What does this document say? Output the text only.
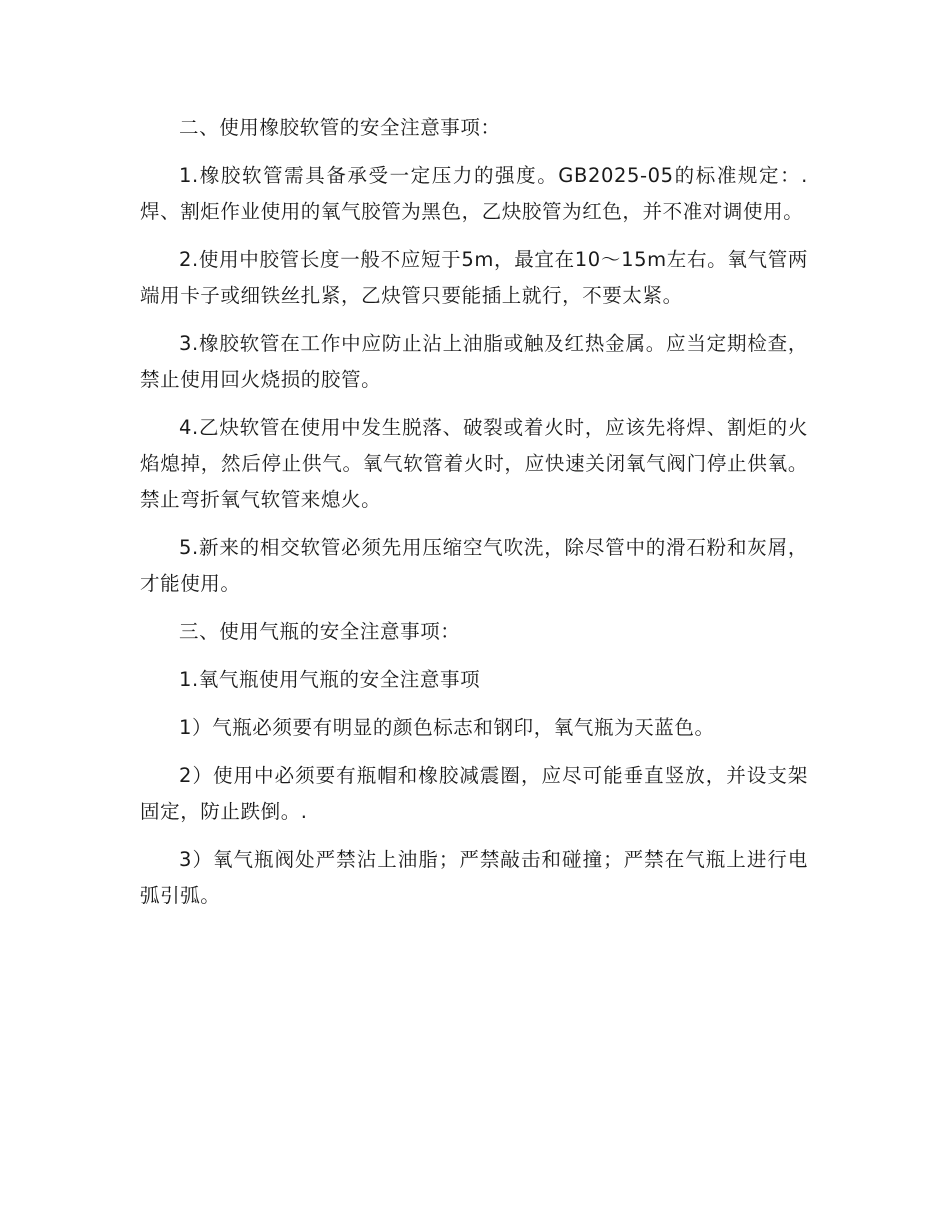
二、使用橡胶软管的安全注意事项：

1.橡胶软管需具备承受一定压力的强度。GB2025-05的标准规定：.焊、割炬作业使用的氧气胶管为黑色，乙炔胶管为红色，并不准对调使用。

2.使用中胶管长度一般不应短于5m，最宜在10～15m左右。氧气管两端用卡子或细铁丝扎紧，乙炔管只要能插上就行，不要太紧。

3.橡胶软管在工作中应防止沾上油脂或触及红热金属。应当定期检查，禁止使用回火烧损的胶管。

4.乙炔软管在使用中发生脱落、破裂或着火时，应该先将焊、割炬的火焰熄掉，然后停止供气。氧气软管着火时，应快速关闭氧气阀门停止供氧。禁止弯折氧气软管来熄火。

5.新来的相交软管必须先用压缩空气吹洗，除尽管中的滑石粉和灰屑，才能使用。

三、使用气瓶的安全注意事项：

1.氧气瓶使用气瓶的安全注意事项

1）气瓶必须要有明显的颜色标志和钢印，氧气瓶为天蓝色。

2）使用中必须要有瓶帽和橡胶减震圈，应尽可能垂直竖放，并设支架固定，防止跌倒。.

3）氧气瓶阀处严禁沾上油脂；严禁敲击和碰撞；严禁在气瓶上进行电弧引弧。
